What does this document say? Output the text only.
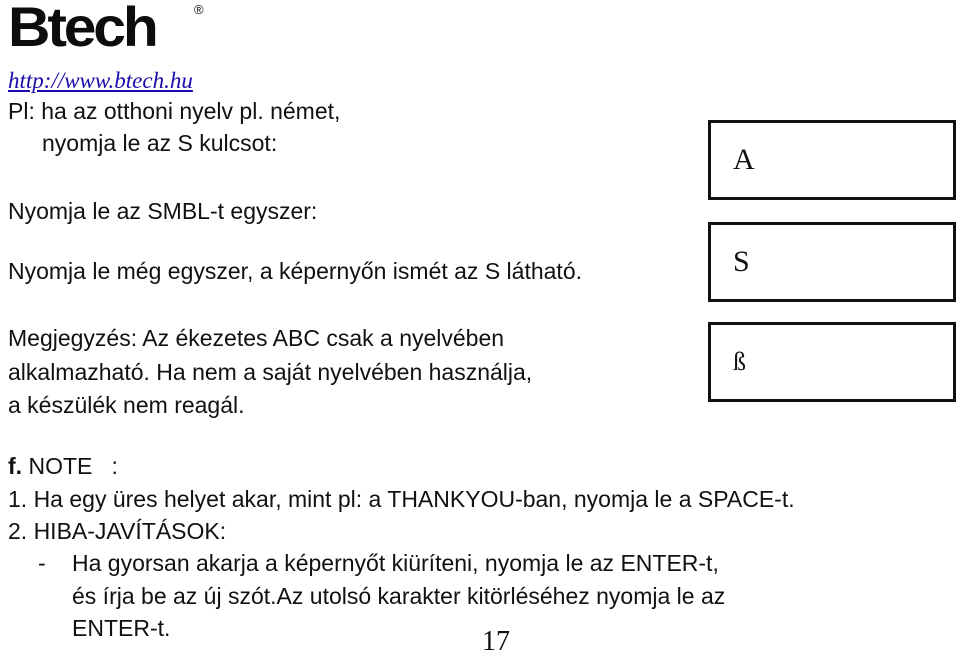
Btech	®
http://www.btech.hu
Pl: ha az otthoni nyelv pl. német,
nyomja le az S kulcsot:
Nyomja le az SMBL-t egyszer:
Nyomja le még egyszer, a képernyőn ismét az S látható.
Megjegyzés: Az ékezetes ABC csak a nyelvében
alkalmazható. Ha nem a saját nyelvében használja,
a készülék nem reagál.
A
S
ß
f. NOTE   :
1. Ha egy üres helyet akar, mint pl: a THANKYOU-ban, nyomja le a SPACE-t.
2. HIBA-JAVÍTÁSOK:
- Ha gyorsan akarja a képernyőt kiüríteni, nyomja le az ENTER-t,
és írja be az új szót.Az utolsó karakter kitörléséhez nyomja le az
ENTER-t.	17
